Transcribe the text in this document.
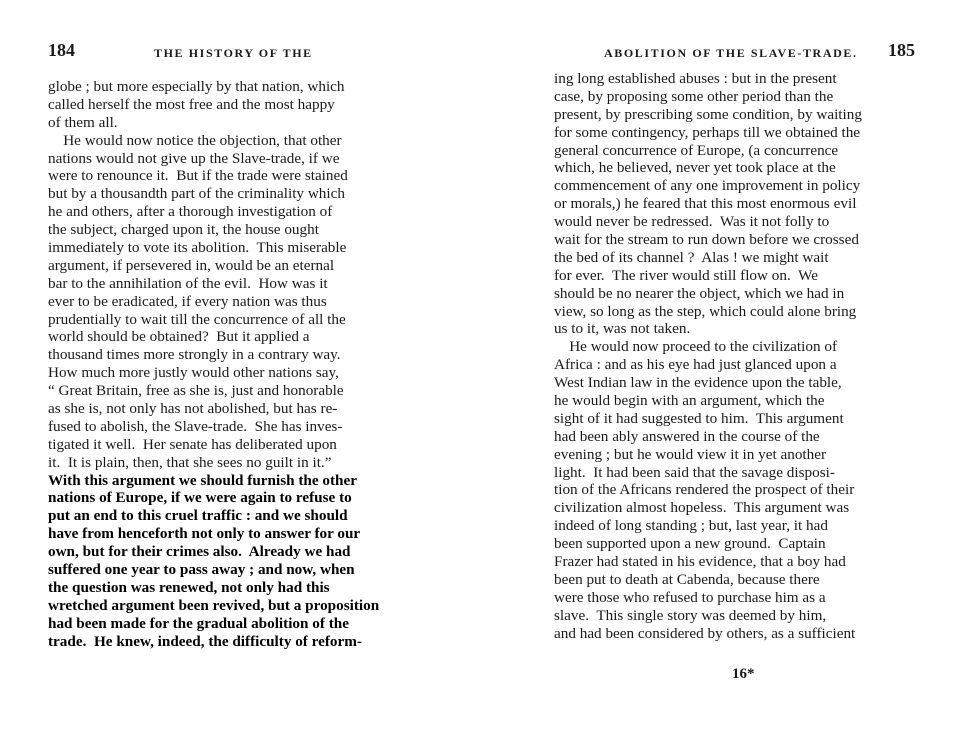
184	THE HISTORY OF THE
globe ; but more especially by that nation, which
called herself the most free and the most happy
of them all.
He would now notice the objection, that other
nations would not give up the Slave-trade, if we
were to renounce it.  But if the trade were stained
but by a thousandth part of the criminality which
he and others, after a thorough investigation of
the subject, charged upon it, the house ought
immediately to vote its abolition.  This miserable
argument, if persevered in, would be an eternal
bar to the annihilation of the evil.  How was it
ever to be eradicated, if every nation was thus
prudentially to wait till the concurrence of all the
world should be obtained?  But it applied a
thousand times more strongly in a contrary way.
How much more justly would other nations say,
“ Great Britain, free as she is, just and honorable
as she is, not only has not abolished, but has re-
fused to abolish, the Slave-trade.  She has inves-
tigated it well.  Her senate has deliberated upon
it.  It is plain, then, that she sees no guilt in it.”
With this argument we should furnish the other
nations of Europe, if we were again to refuse to
put an end to this cruel traffic : and we should
have from henceforth not only to answer for our
own, but for their crimes also.  Already we had
suffered one year to pass away ; and now, when
the question was renewed, not only had this
wretched argument been revived, but a proposition
had been made for the gradual abolition of the
trade.  He knew, indeed, the difficulty of reform-
ABOLITION OF THE SLAVE-TRADE. 185
ing long established abuses : but in the present
case, by proposing some other period than the
present, by prescribing some condition, by waiting
for some contingency, perhaps till we obtained the
general concurrence of Europe, (a concurrence
which, he believed, never yet took place at the
commencement of any one improvement in policy
or morals,) he feared that this most enormous evil
would never be redressed.  Was it not folly to
wait for the stream to run down before we crossed
the bed of its channel ?  Alas ! we might wait
for ever.  The river would still flow on.  We
should be no nearer the object, which we had in
view, so long as the step, which could alone bring
us to it, was not taken.
He would now proceed to the civilization of
Africa : and as his eye had just glanced upon a
West Indian law in the evidence upon the table,
he would begin with an argument, which the
sight of it had suggested to him.  This argument
had been ably answered in the course of the
evening ; but he would view it in yet another
light.  It had been said that the savage disposi-
tion of the Africans rendered the prospect of their
civilization almost hopeless.  This argument was
indeed of long standing ; but, last year, it had
been supported upon a new ground.  Captain
Frazer had stated in his evidence, that a boy had
been put to death at Cabenda, because there
were those who refused to purchase him as a
slave.  This single story was deemed by him,
and had been considered by others, as a sufficient
16*
